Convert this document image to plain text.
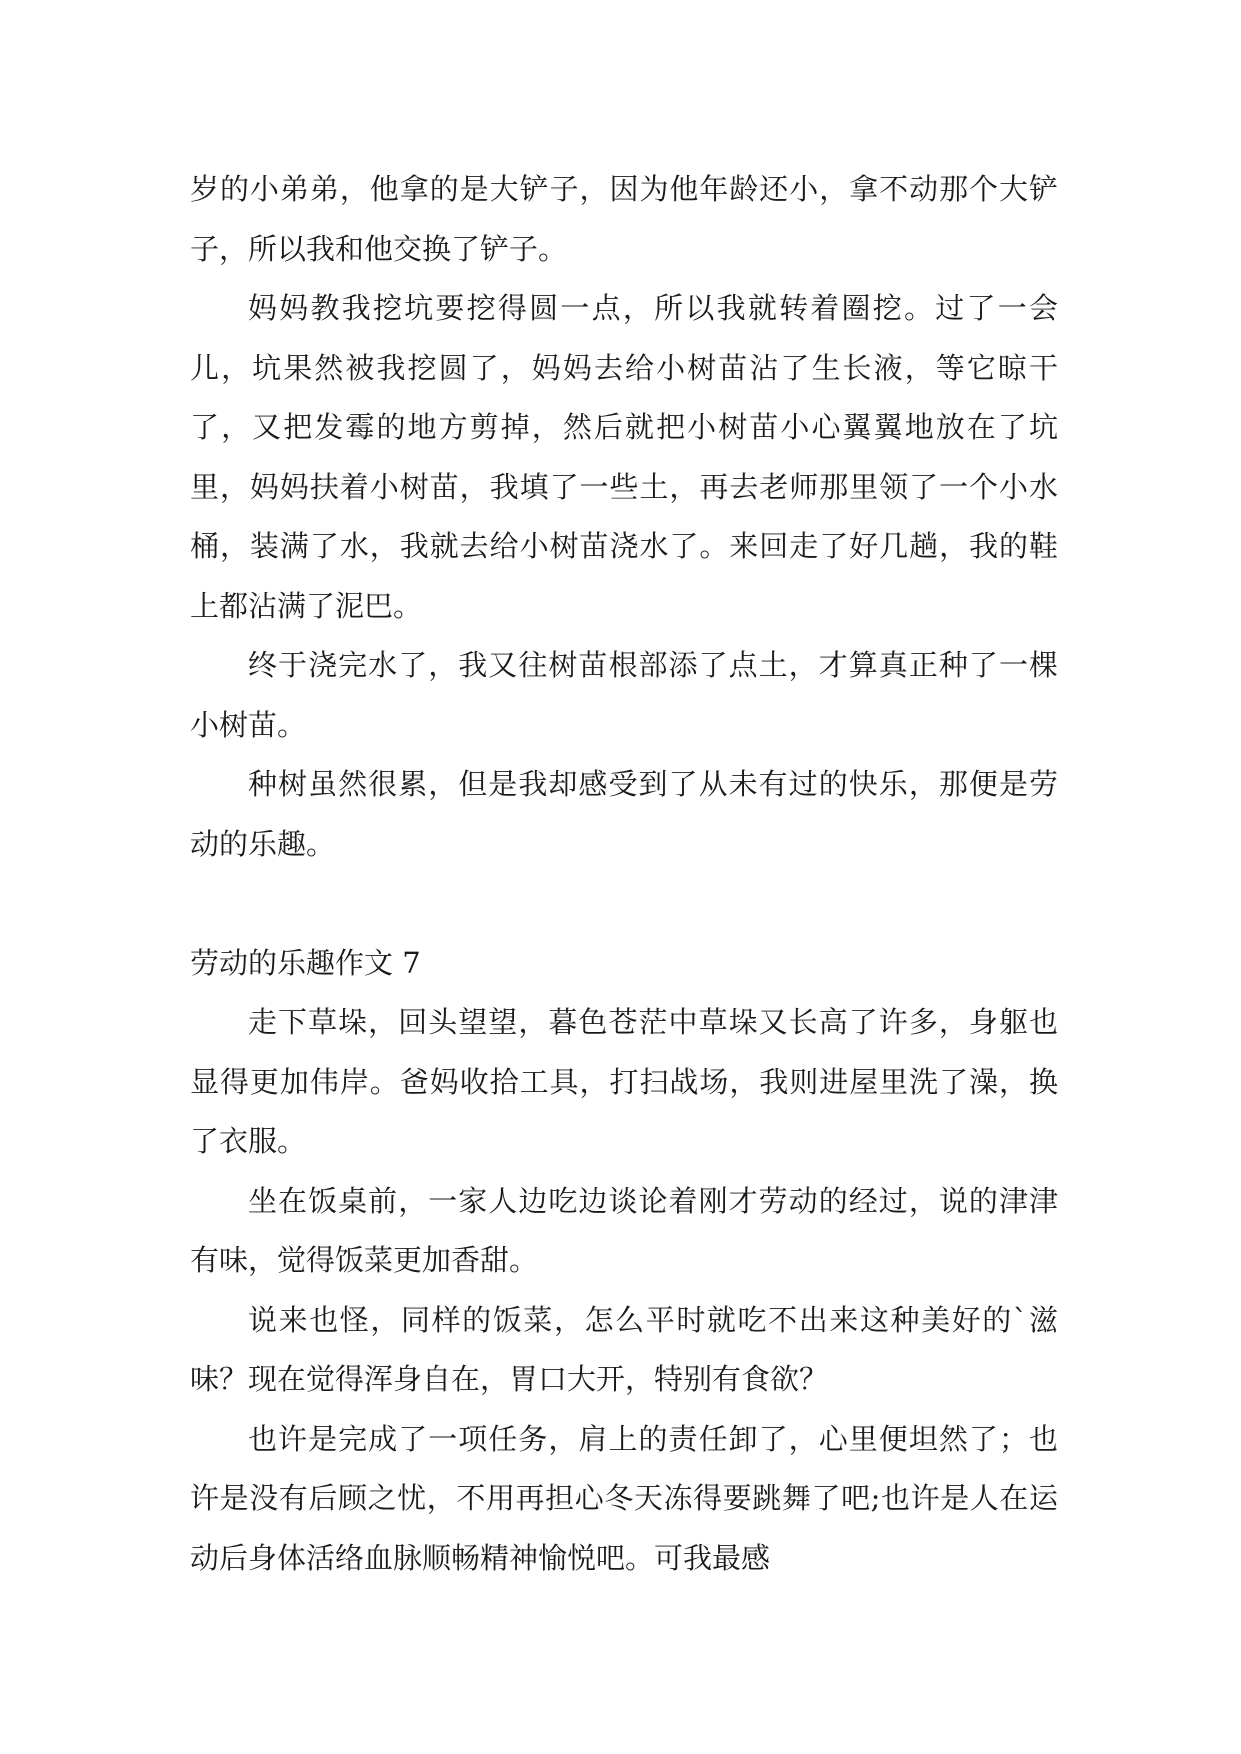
岁的小弟弟，他拿的是大铲子，因为他年龄还小，拿不动那个大铲子，所以我和他交换了铲子。

妈妈教我挖坑要挖得圆一点，所以我就转着圈挖。过了一会儿，坑果然被我挖圆了，妈妈去给小树苗沾了生长液，等它晾干了，又把发霉的地方剪掉，然后就把小树苗小心翼翼地放在了坑里，妈妈扶着小树苗，我填了一些土，再去老师那里领了一个小水桶，装满了水，我就去给小树苗浇水了。来回走了好几趟，我的鞋上都沾满了泥巴。

终于浇完水了，我又往树苗根部添了点土，才算真正种了一棵小树苗。

种树虽然很累，但是我却感受到了从未有过的快乐，那便是劳动的乐趣。

劳动的乐趣作文 7

走下草垛，回头望望，暮色苍茫中草垛又长高了许多，身躯也显得更加伟岸。爸妈收拾工具，打扫战场，我则进屋里洗了澡，换了衣服。

坐在饭桌前，一家人边吃边谈论着刚才劳动的经过，说的津津有味，觉得饭菜更加香甜。

说来也怪，同样的饭菜，怎么平时就吃不出来这种美好的`滋味？现在觉得浑身自在，胃口大开，特别有食欲？

也许是完成了一项任务，肩上的责任卸了，心里便坦然了；也许是没有后顾之忧，不用再担心冬天冻得要跳舞了吧;也许是人在运动后身体活络血脉顺畅精神愉悦吧。可我最感
